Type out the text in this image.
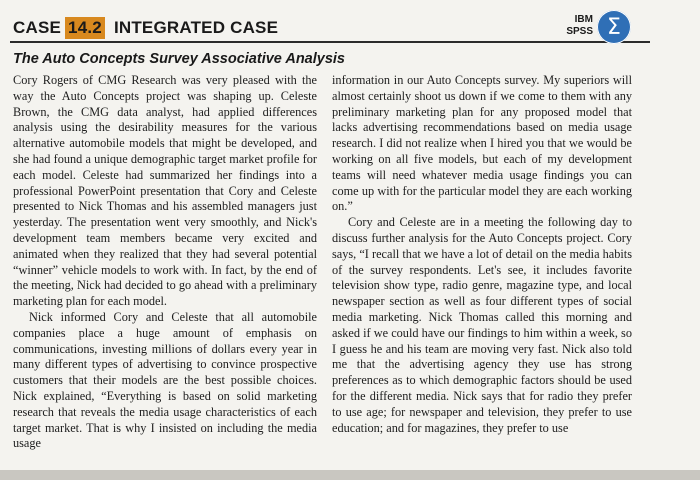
CASE 14.2 INTEGRATED CASE	IBM
SPSS Σ
The Auto Concepts Survey Associative Analysis

Cory Rogers of CMG Research was very pleased with the way the Auto Concepts project was shaping up. Celeste Brown, the CMG data analyst, had applied differences analysis using the desirability measures for the various alternative automobile models that might be developed, and she had found a unique demographic target market profile for each model. Celeste had summarized her findings into a professional PowerPoint presentation that Cory and Celeste presented to Nick Thomas and his assembled managers just yesterday. The presentation went very smoothly, and Nick's development team members became very excited and animated when they realized that they had several potential “winner” vehicle models to work with. In fact, by the end of the meeting, Nick had decided to go ahead with a preliminary marketing plan for each model.

Nick informed Cory and Celeste that all automobile companies place a huge amount of emphasis on communications, investing millions of dollars every year in many different types of advertising to convince prospective customers that their models are the best possible choices. Nick explained, “Everything is based on solid marketing research that reveals the media usage characteristics of each target market. That is why I insisted on including the media usage

information in our Auto Concepts survey. My superiors will almost certainly shoot us down if we come to them with any preliminary marketing plan for any proposed model that lacks advertising recommendations based on media usage research. I did not realize when I hired you that we would be working on all five models, but each of my development teams will need whatever media usage findings you can come up with for the particular model they are each working on.”

Cory and Celeste are in a meeting the following day to discuss further analysis for the Auto Concepts project. Cory says, “I recall that we have a lot of detail on the media habits of the survey respondents. Let's see, it includes favorite television show type, radio genre, magazine type, and local newspaper section as well as four different types of social media marketing. Nick Thomas called this morning and asked if we could have our findings to him within a week, so I guess he and his team are moving very fast. Nick also told me that the advertising agency they use has strong preferences as to which demographic factors should be used for the different media. Nick says that for radio they prefer to use age; for newspaper and television, they prefer to use education; and for magazines, they prefer to use
